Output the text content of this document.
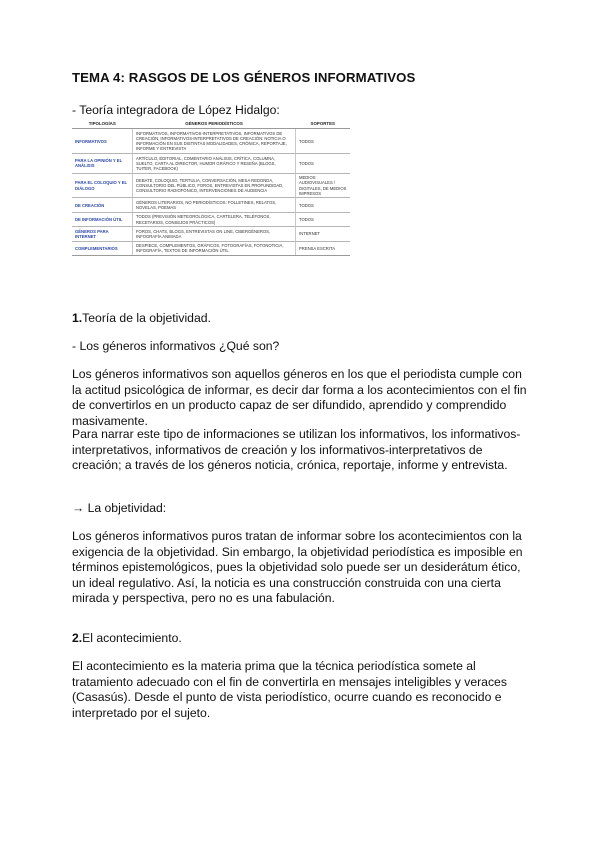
TEMA 4: RASGOS DE LOS GÉNEROS INFORMATIVOS
- Teoría integradora de López Hidalgo:
TIPOLOGÍAS	GÉNEROS PERIODÍSTICOS	SOPORTES
INFORMATIVOS	INFORMATIVOS, INFORMATIVOS-INTERPRETATIVOS, INFORMATIVOS DE CREACIÓN, INFORMATIVOS-INTERPRETATIVOS DE CREACIÓN: NOTICIA O INFORMACIÓN EN SUS DISTINTAS MODALIDADES, CRÓNICA, REPORTAJE, INFORME Y ENTREVISTA	TODOS
PARA LA OPINIÓN Y EL ANÁLISIS	ARTÍCULO, EDITORIAL, COMENTARIO ANÁLISIS, CRÍTICA, COLUMNA, SUELTO, CARTA AL DIRECTOR, HUMOR GRÁFICO Y RESEÑA (BLOGS, TUITER, FACEBOOK)	TODOS
PARA EL COLOQUIO Y EL DIÁLOGO	DEBATE, COLOQUIO, TERTULIA, CONVERSACIÓN, MESA REDONDA, CONSULTORIO DEL PÚBLICO, FOROS, ENTREVISTAS EN PROFUNDIDAD, CONSULTORIO RADIOFÓNICO, INTERVENCIONES DE AUDIENCIA	MEDIOS AUDIOVISUALES / DIGITALES, DE MEDIOS IMPRESOS
DE CREACIÓN	GÉNEROS LITERARIOS, NO PERIODÍSTICOS: FOLLETINES, RELATOS, NOVELAS, POEMAS	TODOS
DE INFORMACIÓN ÚTIL	TODOS (PREVISIÓN METEOROLÓGICA, CARTELERA, TELÉFONOS, RECETARIOS, CONSEJOS PRÁCTICOS)	TODOS
GÉNEROS PARA INTERNET	FOROS, CHATS, BLOGS, ENTREVISTAS ON LINE, CIBERGÉNEROS, INFOGRAFÍA ANIMADA	INTERNET
COMPLEMENTARIOS	DESPIECE, COMPLEMENTOS, GRÁFICOS, FOTOGRAFÍAS, FOTONOTICIA, INFOGRAFÍA, TEXTOS DE INFORMACIÓN ÚTIL	PRENSA ESCRITA
1.Teoría de la objetividad.
- Los géneros informativos ¿Qué son?
Los géneros informativos son aquellos géneros en los que el periodista cumple con la actitud psicológica de informar, es decir dar forma a los acontecimientos con el fin de convertirlos en un producto capaz de ser difundido, aprendido y comprendido masivamente.
Para narrar este tipo de informaciones se utilizan los informativos, los informativos-interpretativos, informativos de creación y los informativos-interpretativos de creación; a través de los géneros noticia, crónica, reportaje, informe y entrevista.
→ La objetividad:
Los géneros informativos puros tratan de informar sobre los acontecimientos con la exigencia de la objetividad. Sin embargo, la objetividad periodística es imposible en términos epistemológicos, pues la objetividad solo puede ser un desiderátum ético, un ideal regulativo. Así, la noticia es una construcción construida con una cierta mirada y perspectiva, pero no es una fabulación.
2.El acontecimiento.
El acontecimiento es la materia prima que la técnica periodística somete al tratamiento adecuado con el fin de convertirla en mensajes inteligibles y veraces (Casasús). Desde el punto de vista periodístico, ocurre cuando es reconocido e interpretado por el sujeto.
